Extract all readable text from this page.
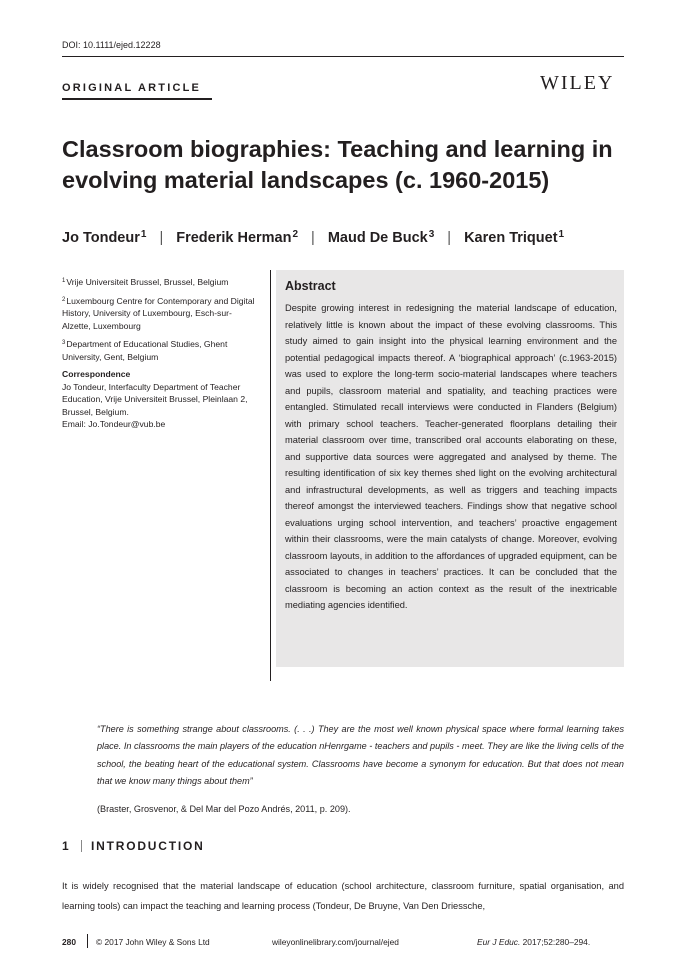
DOI: 10.1111/ejed.12228
ORIGINAL ARTICLE	WILEY
Classroom biographies: Teaching and learning in evolving material landscapes (c. 1960-2015)
Jo Tondeur$^1$ | Frederik Herman$^2$ | Maud De Buck$^3$ | Karen Triquet$^1$

$^1$Vrije Universiteit Brussel, Brussel, Belgium

$^2$Luxembourg Centre for Contemporary and Digital History, University of Luxembourg, Esch-sur-Alzette, Luxembourg

$^3$Department of Educational Studies, Ghent University, Gent, Belgium

Correspondence
Jo Tondeur, Interfaculty Department of Teacher Education, Vrije Universiteit Brussel, Pleinlaan 2, Brussel, Belgium.
Email: Jo.Tondeur@vub.be

Abstract
Despite growing interest in redesigning the material landscape of education, relatively little is known about the impact of these evolving classrooms. This study aimed to gain insight into the physical learning environment and the potential pedagogical impacts thereof. A ‘biographical approach’ (c.1963-2015) was used to explore the long-term socio-material landscapes where teachers and pupils, classroom material and spatiality, and teaching practices were entangled. Stimulated recall interviews were conducted in Flanders (Belgium) with primary school teachers. Teacher-generated floorplans detailing their material classroom over time, transcribed oral accounts elaborating on these, and supportive data sources were aggregated and analysed by theme. The resulting identification of six key themes shed light on the evolving architectural and infrastructural developments, as well as triggers and teaching impacts thereof amongst the interviewed teachers. Findings show that negative school evaluations urging school intervention, and teachers’ proactive engagement within their classrooms, were the main catalysts of change. Moreover, evolving classroom layouts, in addition to the affordances of upgraded equipment, can be associated to changes in teachers’ practices. It can be concluded that the classroom is becoming an action context as the result of the inextricable mediating agencies identified.
“There is something strange about classrooms. (. . .) They are the most well known physical space where formal learning takes place. In classrooms the main players of the education nHenrgame - teachers and pupils - meet. They are like the living cells of the school, the beating heart of the educational system. Classrooms have become a synonym for education. But that does not mean that we know many things about them”
(Braster, Grosvenor, & Del Mar del Pozo Andrés, 2011, p. 209).
1 INTRODUCTION
It is widely recognised that the material landscape of education (school architecture, classroom furniture, spatial organisation, and learning tools) can impact the teaching and learning process (Tondeur, De Bruyne, Van Den Driessche,
280 © 2017 John Wiley & Sons Ltd	wileyonlinelibrary.com/journal/ejed	Eur J Educ. 2017;52:280–294.
